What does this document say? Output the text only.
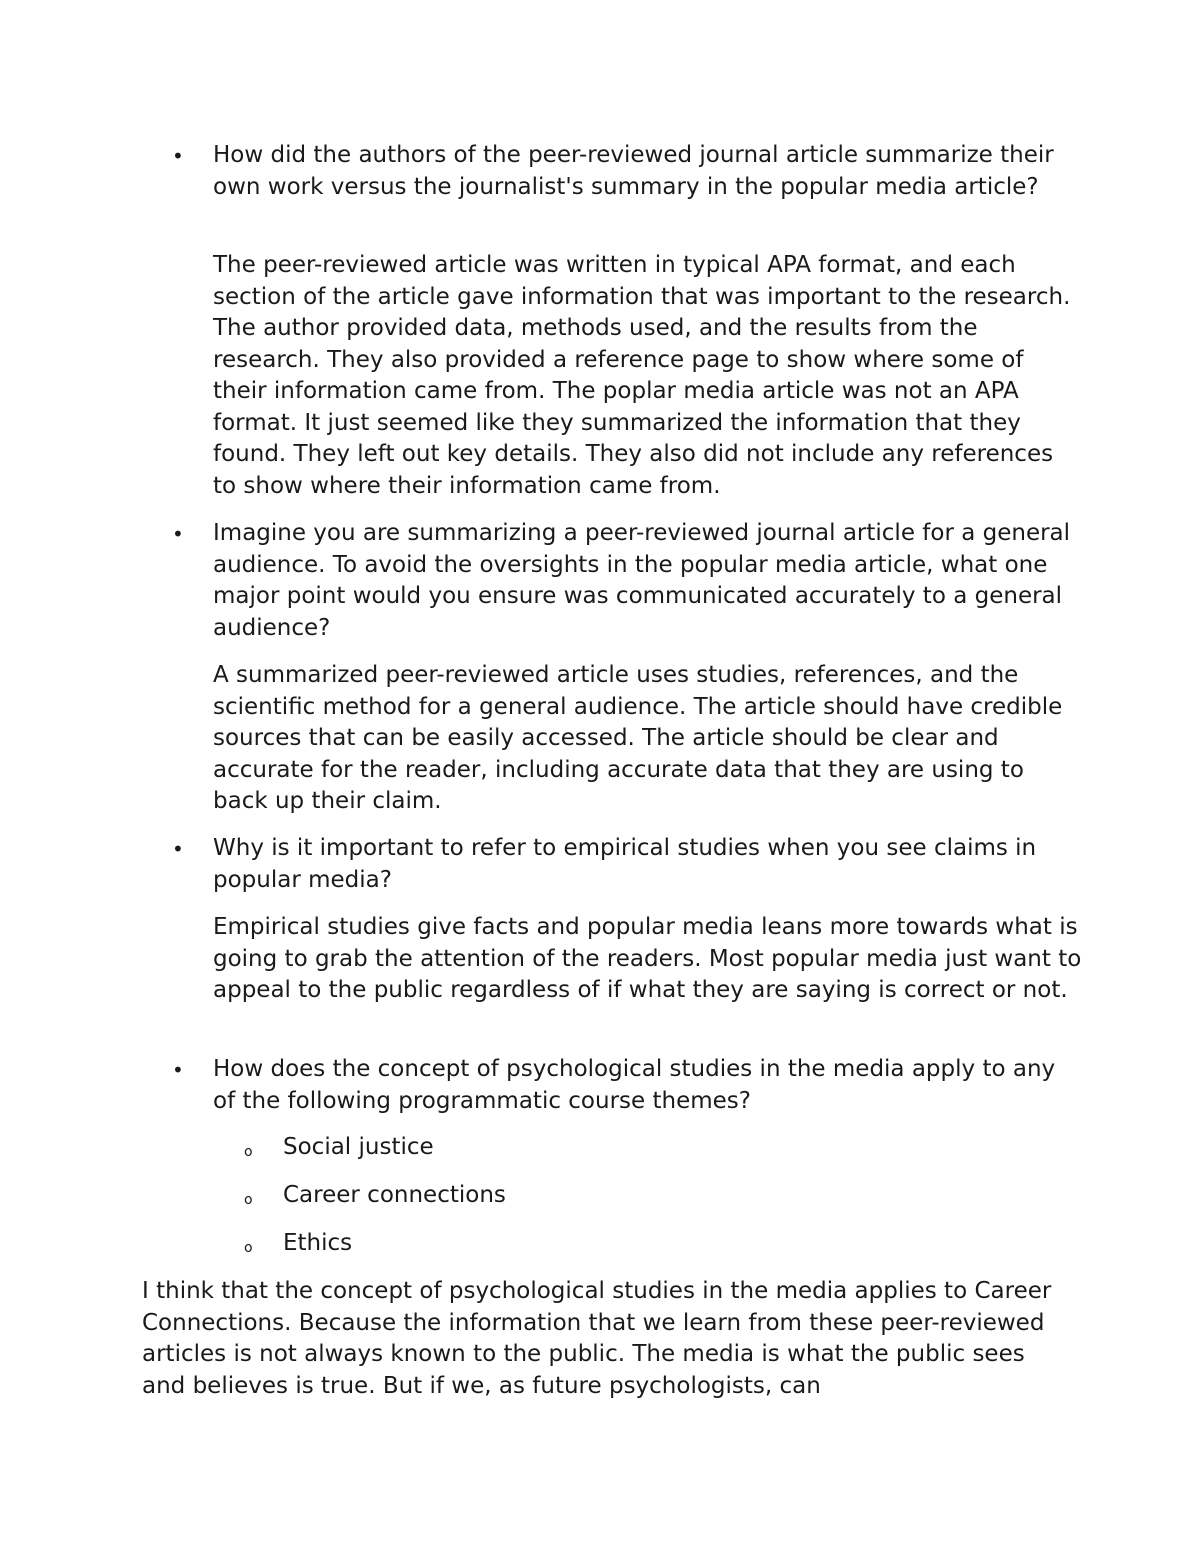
• How did the authors of the peer-reviewed journal article summarize their own work versus the journalist's summary in the popular media article?

The peer-reviewed article was written in typical APA format, and each section of the article gave information that was important to the research. The author provided data, methods used, and the results from the research. They also provided a reference page to show where some of their information came from. The poplar media article was not an APA format. It just seemed like they summarized the information that they found. They left out key details. They also did not include any references to show where their information came from.

• Imagine you are summarizing a peer-reviewed journal article for a general audience. To avoid the oversights in the popular media article, what one major point would you ensure was communicated accurately to a general audience?

A summarized peer-reviewed article uses studies, references, and the scientific method for a general audience. The article should have credible sources that can be easily accessed. The article should be clear and accurate for the reader, including accurate data that they are using to back up their claim.

• Why is it important to refer to empirical studies when you see claims in popular media?

Empirical studies give facts and popular media leans more towards what is going to grab the attention of the readers. Most popular media just want to appeal to the public regardless of if what they are saying is correct or not.

• How does the concept of psychological studies in the media apply to any of the following programmatic course themes?

o Social justice

o Career connections

o Ethics

I think that the concept of psychological studies in the media applies to Career Connections. Because the information that we learn from these peer-reviewed articles is not always known to the public. The media is what the public sees and believes is true. But if we, as future psychologists, can
